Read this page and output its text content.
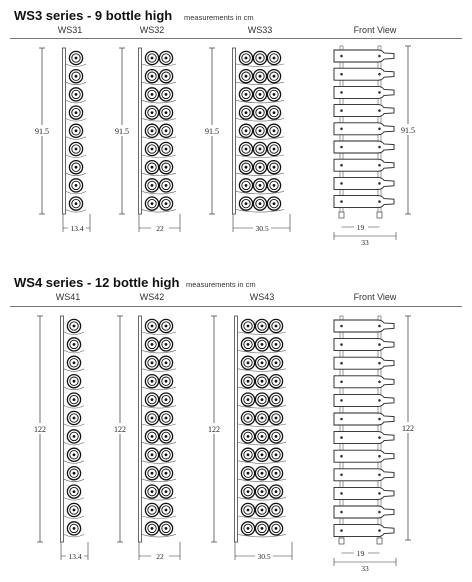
WS3 series - 9 bottle high measurements in cm
WS31	WS32	WS33	Front View
91.5
13.4
91.5
22
91.5
30.5
91.5
19
33
WS4 series - 12 bottle high measurements in cm
WS41	WS42	WS43	Front View
122
13.4
122
22
122
30.5
122
19
33
